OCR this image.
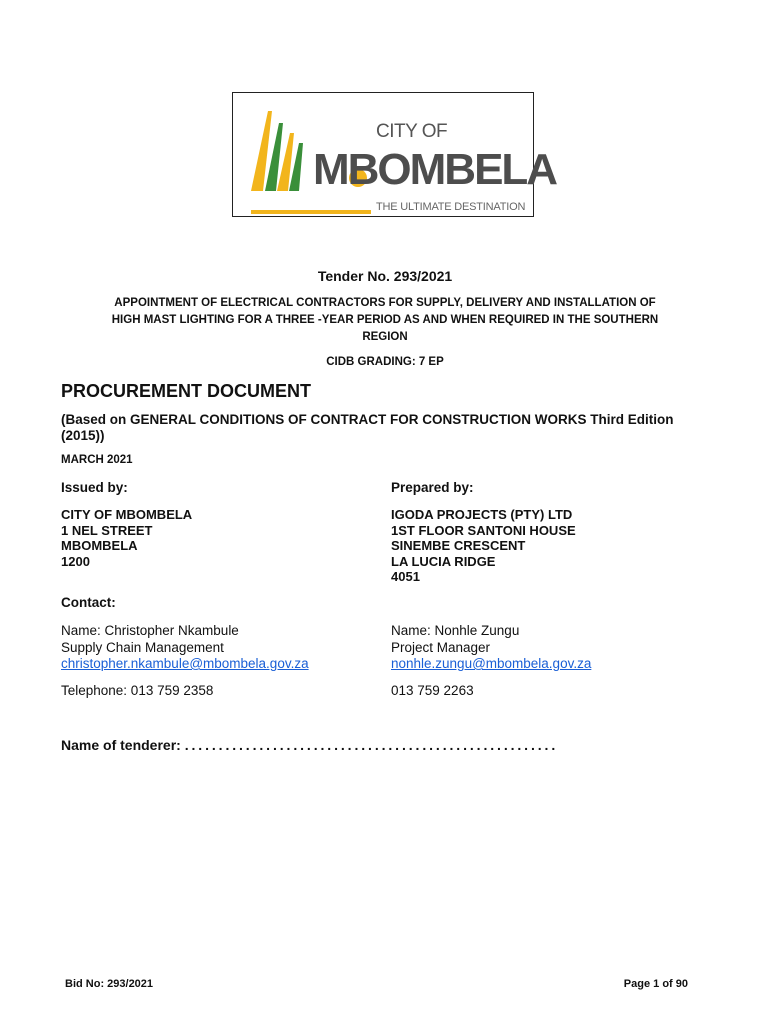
CITY OF
MBOMBELA
THE ULTIMATE DESTINATION
Tender No. 293/2021
APPOINTMENT OF ELECTRICAL CONTRACTORS FOR SUPPLY, DELIVERY AND INSTALLATION OF
HIGH MAST LIGHTING FOR A THREE -YEAR PERIOD AS AND WHEN REQUIRED IN THE SOUTHERN
REGION
CIDB GRADING: 7 EP
PROCUREMENT DOCUMENT
(Based on GENERAL CONDITIONS OF CONTRACT FOR CONSTRUCTION WORKS Third Edition (2015))
MARCH 2021
Issued by:	Prepared by:
CITY OF MBOMBELA
1 NEL STREET
MBOMBELA
1200
IGODA PROJECTS (PTY) LTD
1ST FLOOR SANTONI HOUSE
SINEMBE CRESCENT
LA LUCIA RIDGE
4051
Contact:
Name: Christopher Nkambule
Supply Chain Management
christopher.nkambule@mbombela.gov.za
Name: Nonhle Zungu
Project Manager
nonhle.zungu@mbombela.gov.za
Telephone: 013 759 2358	013 759 2263
Name of tenderer: .......................................................
Bid No: 293/2021	Page 1 of 90
